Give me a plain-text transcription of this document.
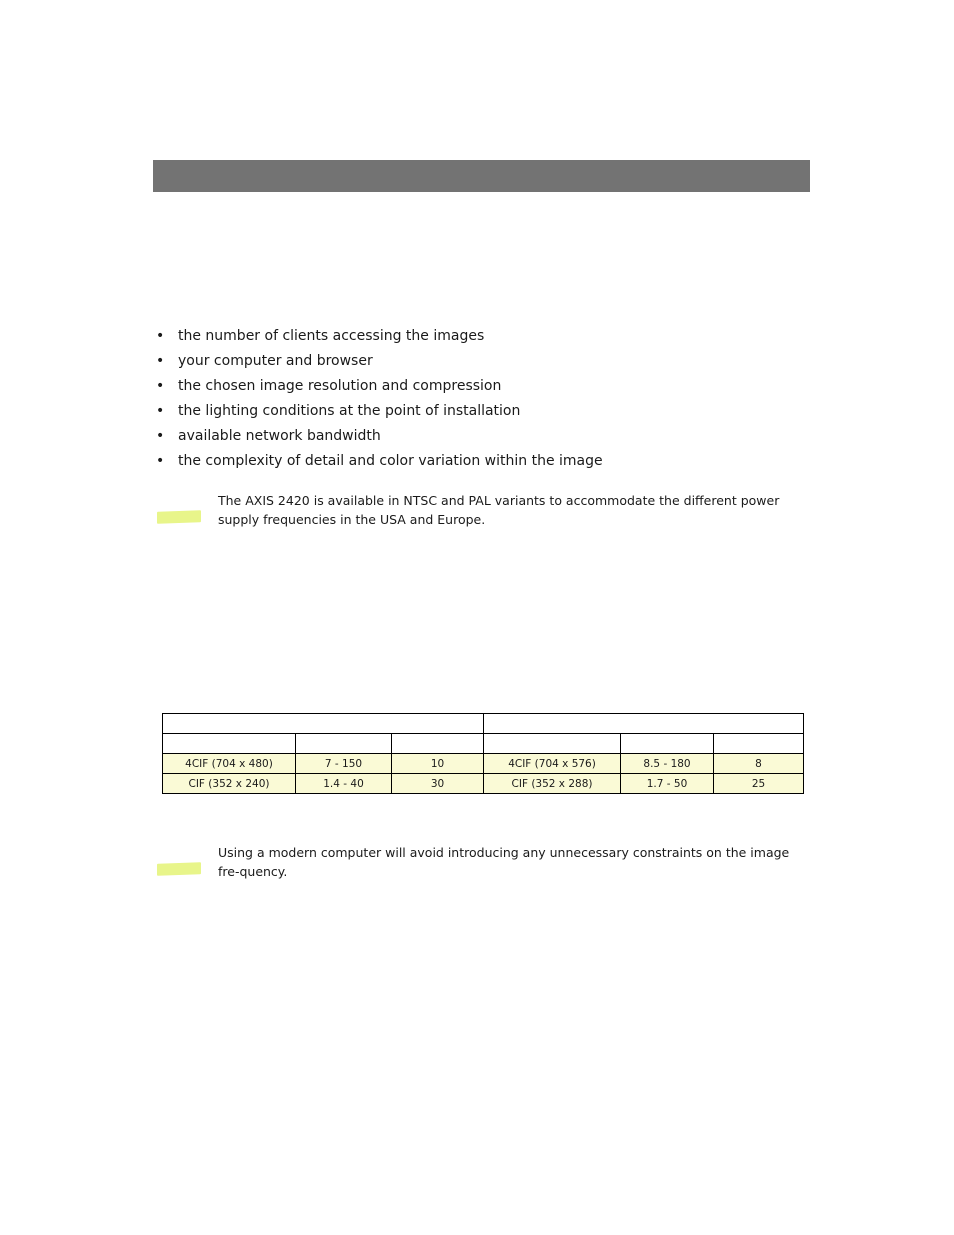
• the number of clients accessing the images
• your computer and browser
• the chosen image resolution and compression
• the lighting conditions at the point of installation
• available network bandwidth
• the complexity of detail and color variation within the image

The AXIS 2420 is available in NTSC and PAL variants to accommodate the different power supply frequencies in the USA and Europe.

4CIF (704 x 480)	7 - 150	10	4CIF (704 x 576)	8.5 - 180	8
CIF (352 x 240)	1.4 - 40	30	CIF (352 x 288)	1.7 - 50	25

Using a modern computer will avoid introducing any unnecessary constraints on the image fre-quency.
